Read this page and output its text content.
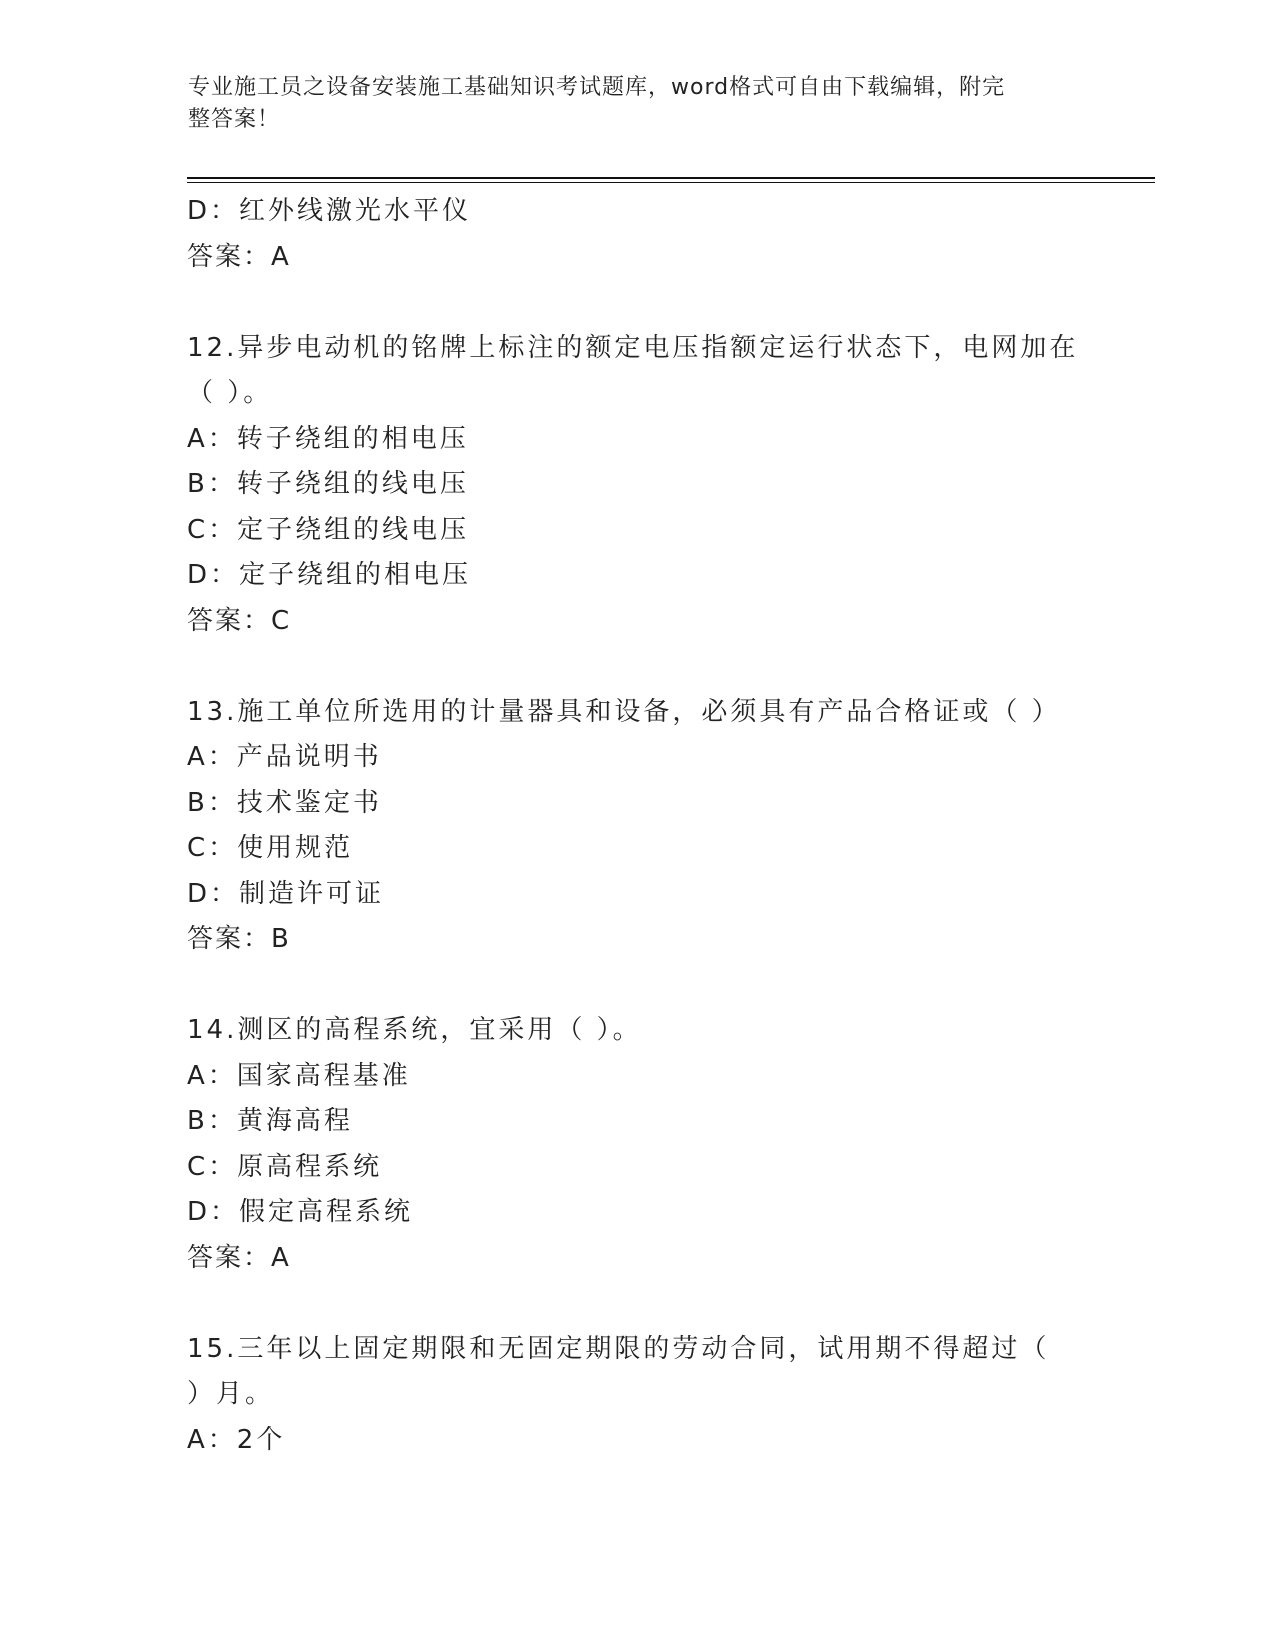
专业施工员之设备安装施工基础知识考试题库，word格式可自由下载编辑，附完
整答案！
D：红外线激光水平仪
答案：A
12.异步电动机的铭牌上标注的额定电压指额定运行状态下，电网加在
（ ）。
A：转子绕组的相电压
B：转子绕组的线电压
C：定子绕组的线电压
D：定子绕组的相电压
答案：C
13.施工单位所选用的计量器具和设备，必须具有产品合格证或（ ）
A：产品说明书
B：技术鉴定书
C：使用规范
D：制造许可证
答案：B
14.测区的高程系统，宜采用（ ）。
A：国家高程基准
B：黄海高程
C：原高程系统
D：假定高程系统
答案：A
15.三年以上固定期限和无固定期限的劳动合同，试用期不得超过（
）月。
A：2个
